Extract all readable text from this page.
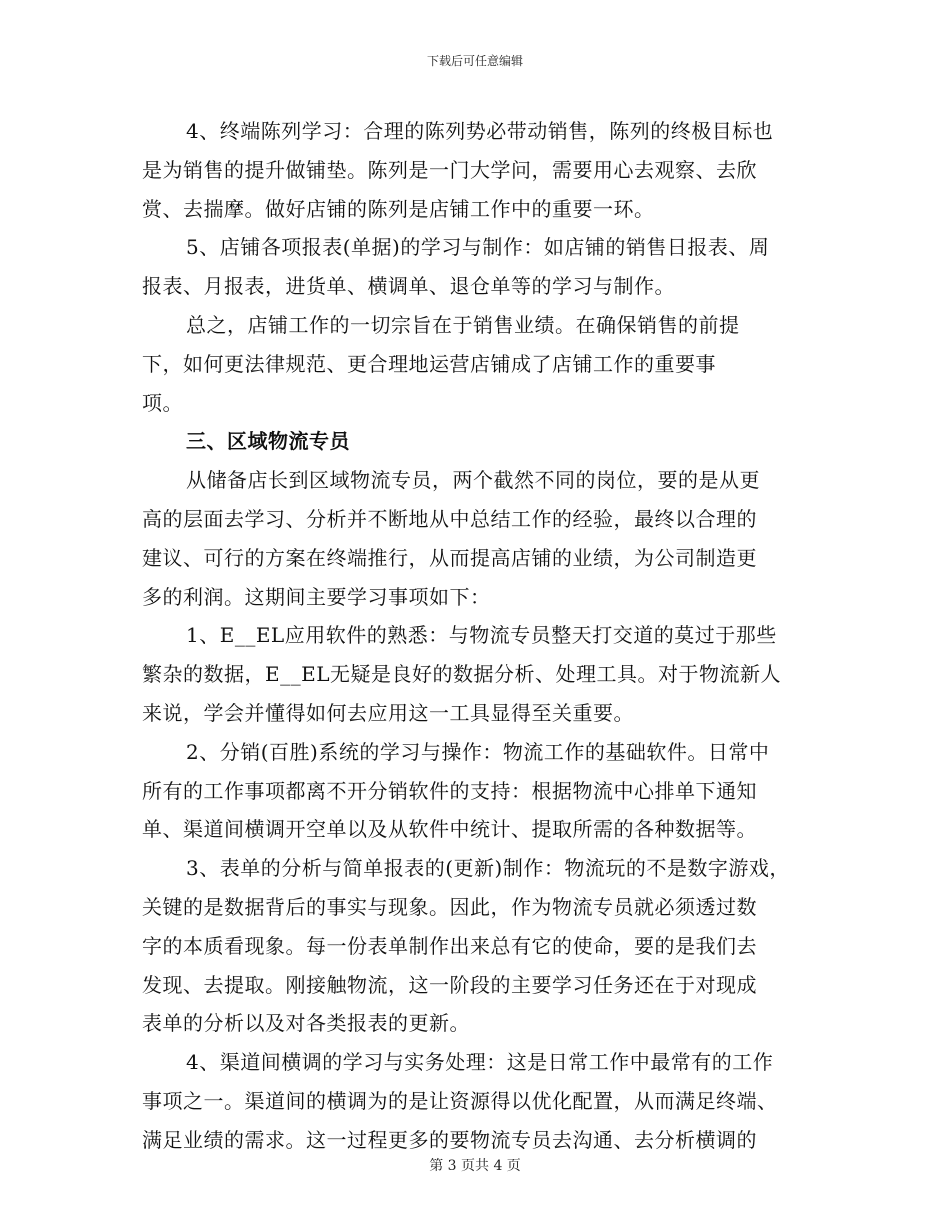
下载后可任意编辑

4、终端陈列学习：合理的陈列势必带动销售，陈列的终极目标也
是为销售的提升做铺垫。陈列是一门大学问，需要用心去观察、去欣
赏、去揣摩。做好店铺的陈列是店铺工作中的重要一环。

5、店铺各项报表(单据)的学习与制作：如店铺的销售日报表、周
报表、月报表，进货单、横调单、退仓单等的学习与制作。

总之，店铺工作的一切宗旨在于销售业绩。在确保销售的前提
下，如何更法律规范、更合理地运营店铺成了店铺工作的重要事
项。

三、区域物流专员

从储备店长到区域物流专员，两个截然不同的岗位，要的是从更
高的层面去学习、分析并不断地从中总结工作的经验，最终以合理的
建议、可行的方案在终端推行，从而提高店铺的业绩，为公司制造更
多的利润。这期间主要学习事项如下：

1、E__EL应用软件的熟悉：与物流专员整天打交道的莫过于那些
繁杂的数据，E__EL无疑是良好的数据分析、处理工具。对于物流新人
来说，学会并懂得如何去应用这一工具显得至关重要。

2、分销(百胜)系统的学习与操作：物流工作的基础软件。日常中
所有的工作事项都离不开分销软件的支持：根据物流中心排单下通知
单、渠道间横调开空单以及从软件中统计、提取所需的各种数据等。

3、表单的分析与简单报表的(更新)制作：物流玩的不是数字游戏，
关键的是数据背后的事实与现象。因此，作为物流专员就必须透过数
字的本质看现象。每一份表单制作出来总有它的使命，要的是我们去
发现、去提取。刚接触物流，这一阶段的主要学习任务还在于对现成
表单的分析以及对各类报表的更新。

4、渠道间横调的学习与实务处理：这是日常工作中最常有的工作
事项之一。渠道间的横调为的是让资源得以优化配置，从而满足终端、
满足业绩的需求。这一过程更多的要物流专员去沟通、去分析横调的

第 3 页共 4 页
